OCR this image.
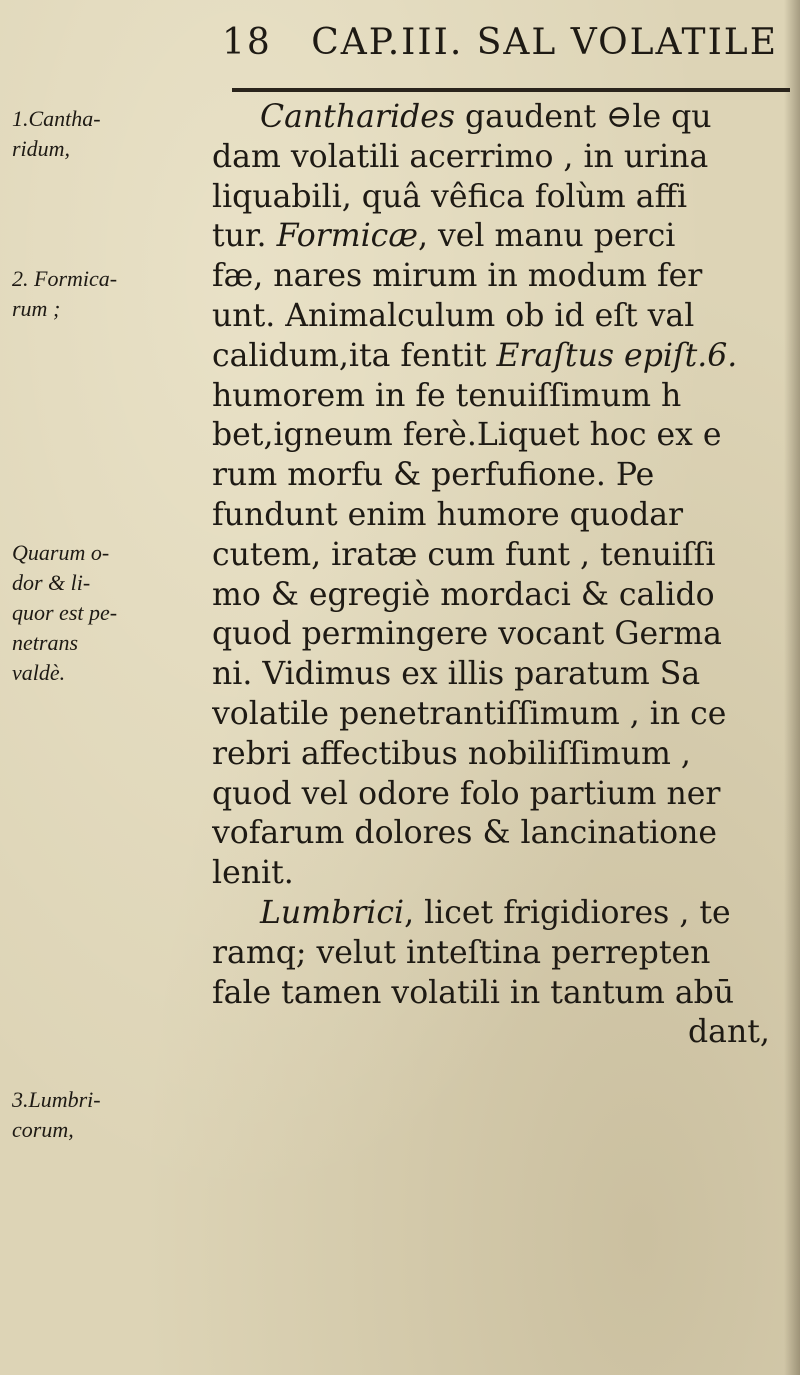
18 CAP.III. SAL VOLATILE
1.Cantha-
ridum,
2. Formica-
rum ;
Quarum o-
dor & li-
quor est pe-
netrans
valdè.
3.Lumbri-
corum,
Cantharides gaudent ⊖le qu
dam volatili acerrimo , in urina
liquabili, quâ vêfica folùm affi
tur. Formicæ, vel manu perci
fæ, nares mirum in modum fer
unt. Animalculum ob id eſt val
calidum,ita fentit Eraſtus epiſt.6.
humorem in fe tenuiſſimum h
bet,igneum ferè.Liquet hoc ex e
rum morfu & perfufione. Pe
fundunt enim humore quodar
cutem, iratæ cum funt , tenuiſſi
mo & egregiè mordaci & calido
quod permingere vocant Germa
ni. Vidimus ex illis paratum Sa
volatile penetrantiſſimum , in ce
rebri affectibus nobiliſſimum ,
quod vel odore folo partium ner
vofarum dolores & lancinatione
lenit.
Lumbrici, licet frigidiores , te
ramq; velut inteſtina perrepten
fale tamen volatili in tantum abū
dant,
